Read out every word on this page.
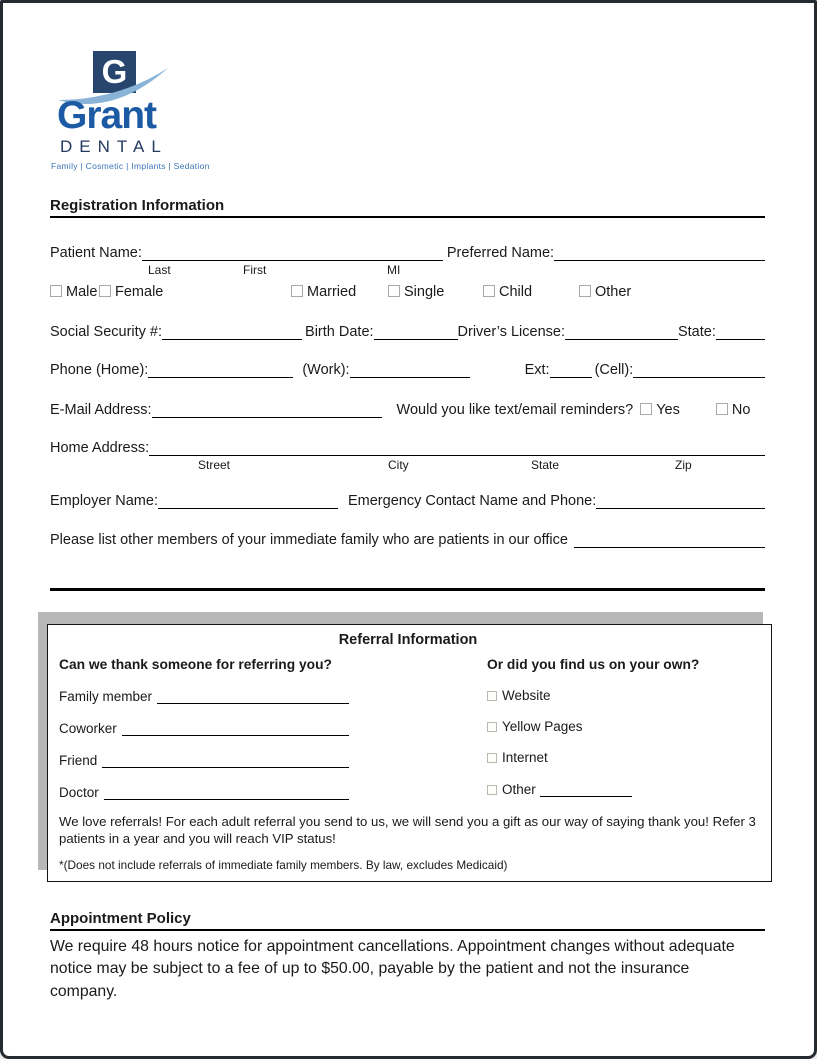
G
Grant
DENTAL
Family | Cosmetic | Implants | Sedation
Registration Information
Patient Name:	Preferred Name:
Last	First	MI
Male	Female	Married	Single	Child	Other
Social Security #:	Birth Date:	Driver’s License:	State:
Phone (Home):	(Work):	Ext:	(Cell):
E-Mail Address:	Would you like text/email reminders?	Yes	No
Home Address:
Street	City	State	Zip
Employer Name:	Emergency Contact Name and Phone:
Please list other members of your immediate family who are patients in our office
Referral Information
Can we thank someone for referring you?
Family member
Coworker
Friend
Doctor
Or did you find us on your own?
Website
Yellow Pages
Internet
Other
We love referrals! For each adult referral you send to us, we will send you a gift as our way of saying thank you! Refer 3 patients in a year and you will reach VIP status!
*(Does not include referrals of immediate family members. By law, excludes Medicaid)
Appointment Policy
We require 48 hours notice for appointment cancellations. Appointment changes without adequate notice may be subject to a fee of up to $50.00, payable by the patient and not the insurance company.
